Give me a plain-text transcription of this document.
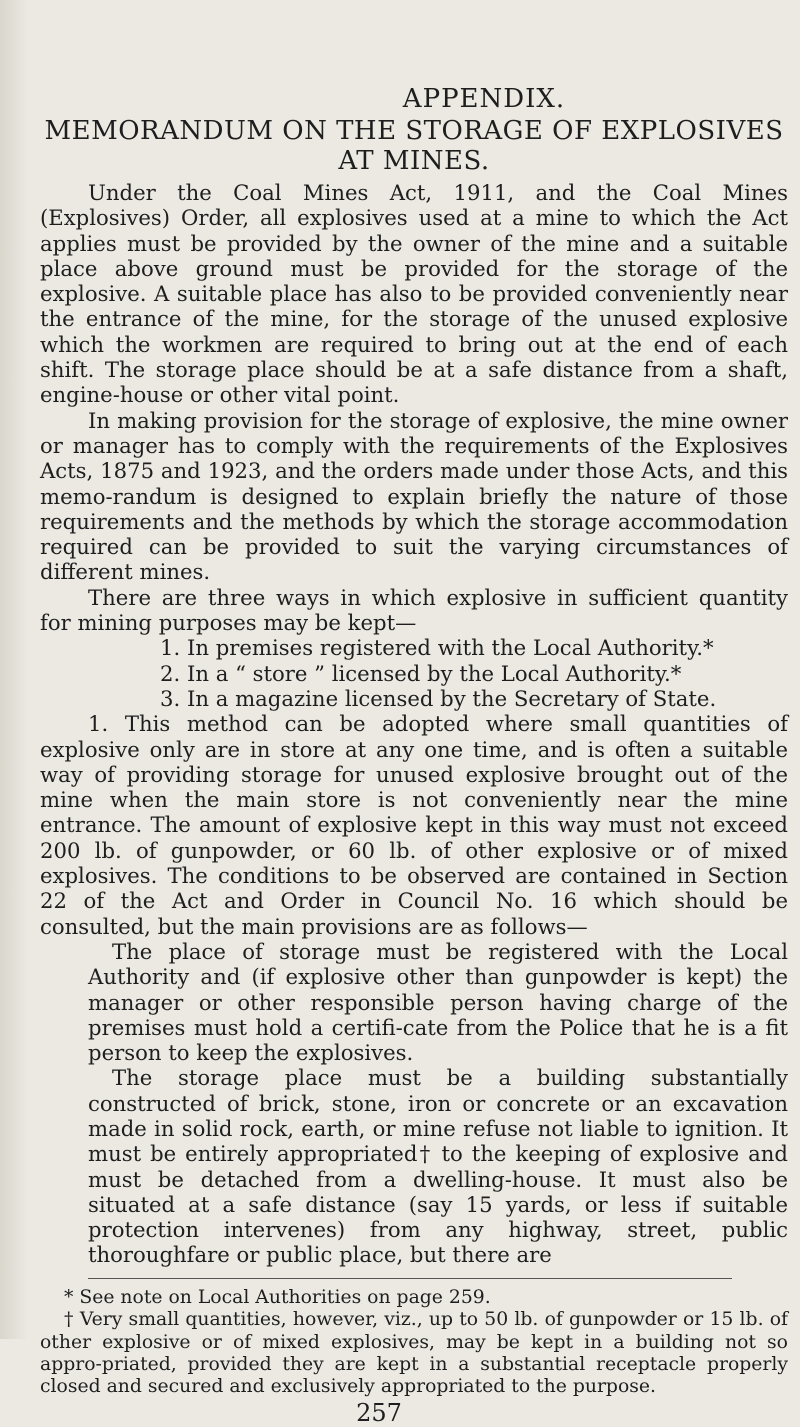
APPENDIX.
MEMORANDUM ON THE STORAGE OF EXPLOSIVES AT MINES.

Under the Coal Mines Act, 1911, and the Coal Mines (Explosives) Order, all explosives used at a mine to which the Act applies must be provided by the owner of the mine and a suitable place above ground must be provided for the storage of the explosive. A suitable place has also to be provided conveniently near the entrance of the mine, for the storage of the unused explosive which the workmen are required to bring out at the end of each shift. The storage place should be at a safe distance from a shaft, engine-house or other vital point.

In making provision for the storage of explosive, the mine owner or manager has to comply with the requirements of the Explosives Acts, 1875 and 1923, and the orders made under those Acts, and this memo-randum is designed to explain briefly the nature of those requirements and the methods by which the storage accommodation required can be provided to suit the varying circumstances of different mines.

There are three ways in which explosive in sufficient quantity for mining purposes may be kept—

1. In premises registered with the Local Authority.*

2. In a “ store ” licensed by the Local Authority.*

3. In a magazine licensed by the Secretary of State.

1. This method can be adopted where small quantities of explosive only are in store at any one time, and is often a suitable way of providing storage for unused explosive brought out of the mine when the main store is not conveniently near the mine entrance. The amount of explosive kept in this way must not exceed 200 lb. of gunpowder, or 60 lb. of other explosive or of mixed explosives. The conditions to be observed are contained in Section 22 of the Act and Order in Council No. 16 which should be consulted, but the main provisions are as follows—

The place of storage must be registered with the Local Authority and (if explosive other than gunpowder is kept) the manager or other responsible person having charge of the premises must hold a certifi-cate from the Police that he is a fit person to keep the explosives.

The storage place must be a building substantially constructed of brick, stone, iron or concrete or an excavation made in solid rock, earth, or mine refuse not liable to ignition. It must be entirely appropriated† to the keeping of explosive and must be detached from a dwelling-house. It must also be situated at a safe distance (say 15 yards, or less if suitable protection intervenes) from any highway, street, public thoroughfare or public place, but there are

* See note on Local Authorities on page 259.

† Very small quantities, however, viz., up to 50 lb. of gunpowder or 15 lb. of other explosive or of mixed explosives, may be kept in a building not so appro-priated, provided they are kept in a substantial receptacle properly closed and secured and exclusively appropriated to the purpose.

257
